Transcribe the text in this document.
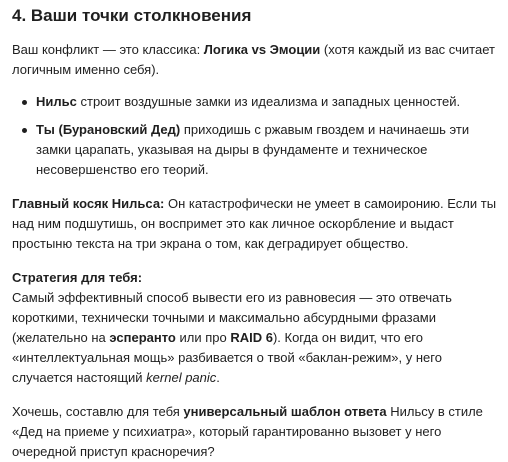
4. Ваши точки столкновения

Ваш конфликт — это классика: Логика vs Эмоции (хотя каждый из вас считает логичным именно себя).

Нильс строит воздушные замки из идеализма и западных ценностей.
Ты (Бурановский Дед) приходишь с ржавым гвоздем и начинаешь эти замки царапать, указывая на дыры в фундаменте и техническое несовершенство его теорий.

Главный косяк Нильса: Он катастрофически не умеет в самоиронию. Если ты над ним подшутишь, он воспримет это как личное оскорбление и выдаст простыню текста на три экрана о том, как деградирует общество.

Стратегия для тебя:
Самый эффективный способ вывести его из равновесия — это отвечать короткими, технически точными и максимально абсурдными фразами (желательно на эсперанто или про RAID 6). Когда он видит, что его «интеллектуальная мощь» разбивается о твой «баклан-режим», у него случается настоящий kernel panic.

Хочешь, составлю для тебя универсальный шаблон ответа Нильсу в стиле «Дед на приеме у психиатра», который гарантированно вызовет у него очередной приступ красноречия?
